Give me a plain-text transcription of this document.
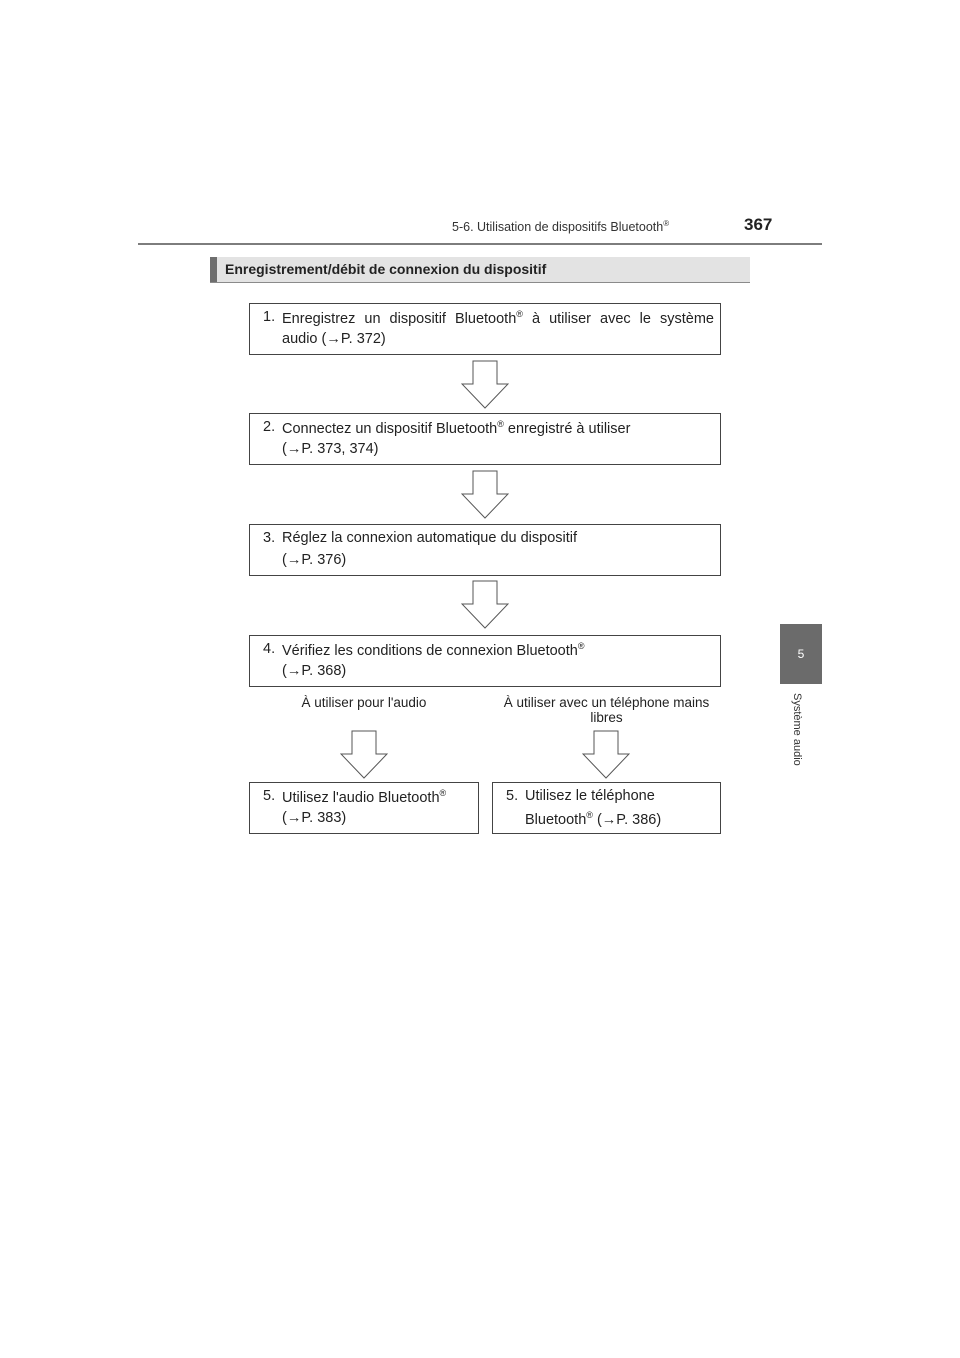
5-6. Utilisation de dispositifs Bluetooth®	367
5
Système audio
Enregistrement/débit de connexion du dispositif
1. Enregistrez un dispositif Bluetooth® à utiliser avec le système
audio (→P. 372)
2. Connectez un dispositif Bluetooth® enregistré à utiliser
(→P. 373, 374)
3. Réglez la connexion automatique du dispositif
(→P. 376)
4. Vérifiez les conditions de connexion Bluetooth®
(→P. 368)
À utiliser pour l'audio	À utiliser avec un téléphone mains
libres
5. Utilisez l'audio Bluetooth®
(→P. 383)
5. Utilisez le téléphone
Bluetooth® (→P. 386)
